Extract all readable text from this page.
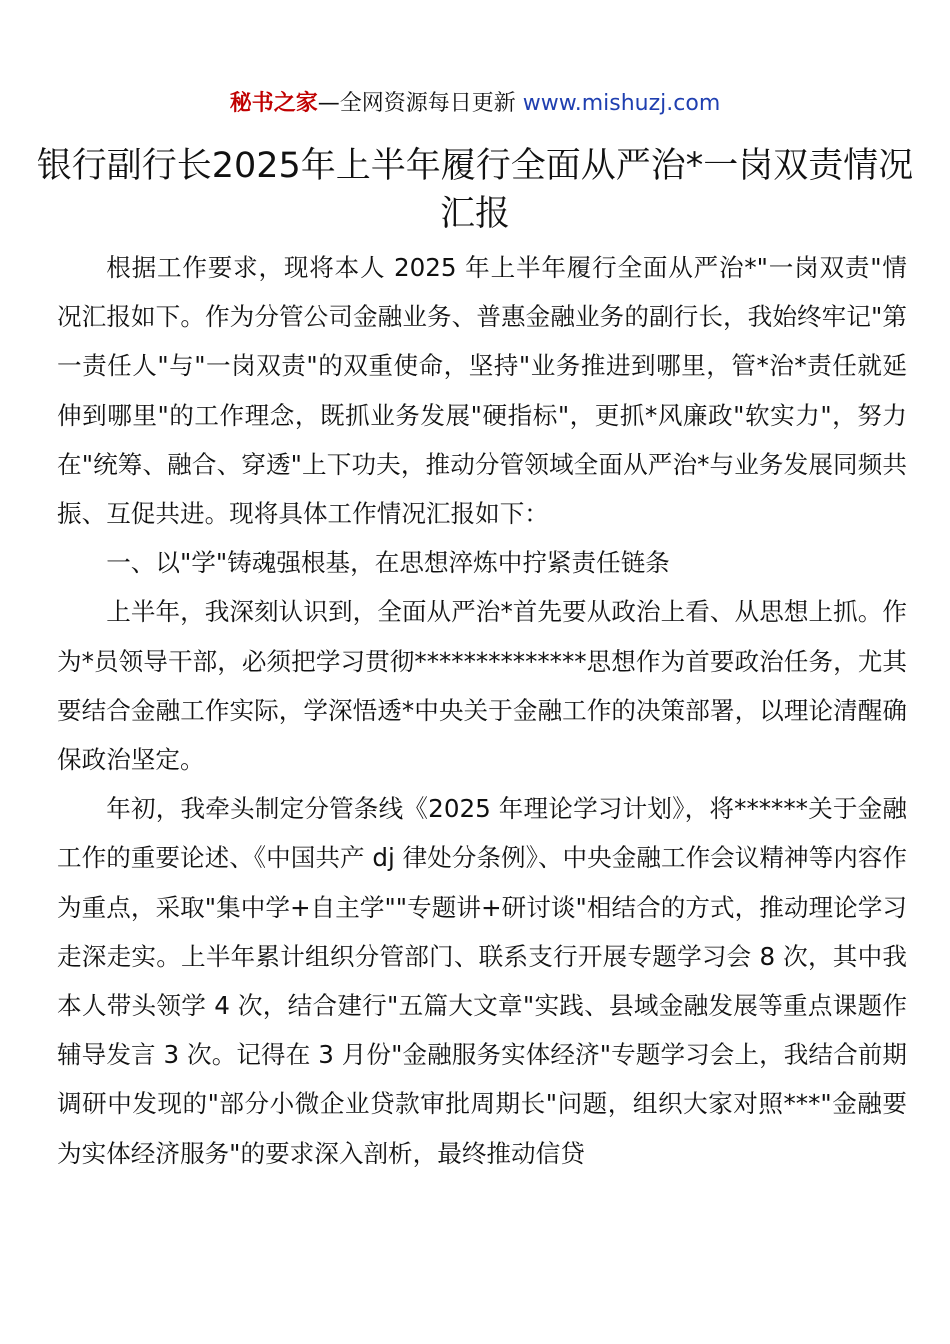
秘书之家—全网资源每日更新 www.mishuzj.com
银行副行长2025年上半年履行全面从严治*一岗双责情况汇报

根据工作要求，现将本人 2025 年上半年履行全面从严治*"一岗双责"情况汇报如下。作为分管公司金融业务、普惠金融业务的副行长，我始终牢记"第一责任人"与"一岗双责"的双重使命，坚持"业务推进到哪里，管*治*责任就延伸到哪里"的工作理念，既抓业务发展"硬指标"，更抓*风廉政"软实力"，努力在"统筹、融合、穿透"上下功夫，推动分管领域全面从严治*与业务发展同频共振、互促共进。现将具体工作情况汇报如下：

一、以"学"铸魂强根基，在思想淬炼中拧紧责任链条

上半年，我深刻认识到，全面从严治*首先要从政治上看、从思想上抓。作为*员领导干部，必须把学习贯彻**************思想作为首要政治任务，尤其要结合金融工作实际，学深悟透*中央关于金融工作的决策部署，以理论清醒确保政治坚定。

年初，我牵头制定分管条线《2025 年理论学习计划》，将******关于金融工作的重要论述、《中国共产 dj 律处分条例》、中央金融工作会议精神等内容作为重点，采取"集中学+自主学""专题讲+研讨谈"相结合的方式，推动理论学习走深走实。上半年累计组织分管部门、联系支行开展专题学习会 8 次，其中我本人带头领学 4 次，结合建行"五篇大文章"实践、县域金融发展等重点课题作辅导发言 3 次。记得在 3 月份"金融服务实体经济"专题学习会上，我结合前期调研中发现的"部分小微企业贷款审批周期长"问题，组织大家对照***"金融要为实体经济服务"的要求深入剖析，最终推动信贷
